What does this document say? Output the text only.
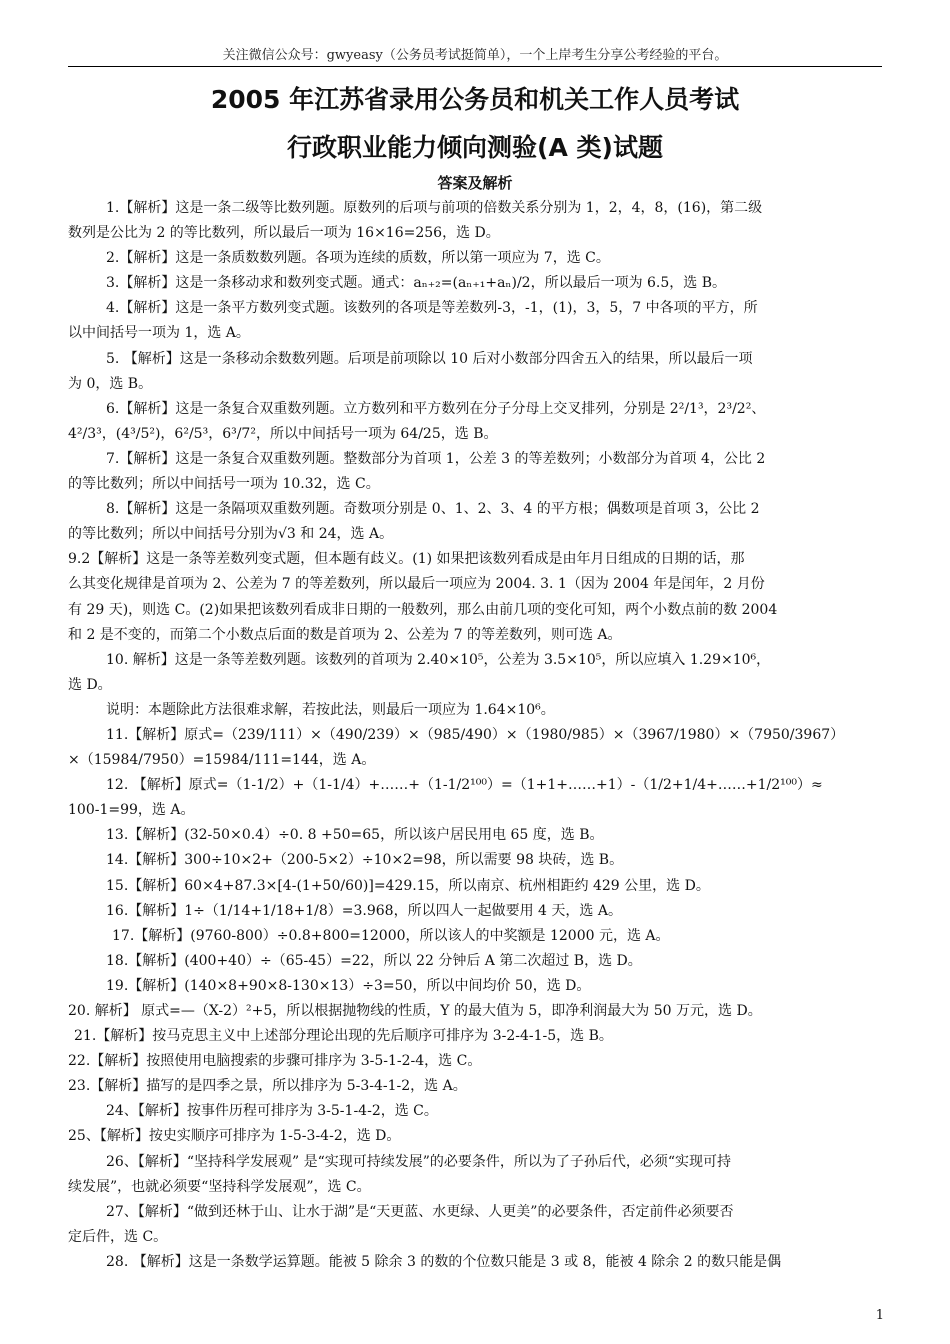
关注微信公众号：gwyeasy（公务员考试挺简单），一个上岸考生分享公考经验的平台。
2005 年江苏省录用公务员和机关工作人员考试
行政职业能力倾向测验(A 类)试题
答案及解析
1.【解析】这是一条二级等比数列题。原数列的后项与前项的倍数关系分别为 1，2，4，8，(16)，第二级
数列是公比为 2 的等比数列，所以最后一项为 16×16=256，选 D。
2.【解析】这是一条质数数列题。各项为连续的质数，所以第一项应为 7，选 C。
3.【解析】这是一条移动求和数列变式题。通式：aₙ₊₂=(aₙ₊₁+aₙ)/2，所以最后一项为 6.5，选 B。
4.【解析】这是一条平方数列变式题。该数列的各项是等差数列-3，-1，(1)，3，5，7 中各项的平方，所
以中间括号一项为 1，选 A。
5. 【解析】这是一条移动余数数列题。后项是前项除以 10 后对小数部分四舍五入的结果，所以最后一项
为 0，选 B。
6.【解析】这是一条复合双重数列题。立方数列和平方数列在分子分母上交叉排列，分别是 2²/1³，2³/2²、
4²/3³，(4³/5²)，6²/5³，6³/7²，所以中间括号一项为 64/25，选 B。
7.【解析】这是一条复合双重数列题。整数部分为首项 1，公差 3 的等差数列；小数部分为首项 4，公比 2
的等比数列；所以中间括号一项为 10.32，选 C。
8.【解析】这是一条隔项双重数列题。奇数项分别是 0、1、2、3、4 的平方根；偶数项是首项 3，公比 2
的等比数列；所以中间括号分别为√3 和 24，选 A。
9.2【解析】这是一条等差数列变式题，但本题有歧义。(1) 如果把该数列看成是由年月日组成的日期的话，那
么其变化规律是首项为 2、公差为 7 的等差数列，所以最后一项应为 2004. 3. 1（因为 2004 年是闰年，2 月份
有 29 天)，则选 C。(2)如果把该数列看成非日期的一般数列，那么由前几项的变化可知，两个小数点前的数 2004
和 2 是不变的，而第二个小数点后面的数是首项为 2、公差为 7 的等差数列，则可选 A。
10. 解析】这是一条等差数列题。该数列的首项为 2.40×10⁵，公差为 3.5×10⁵，所以应填入 1.29×10⁶，
选 D。
说明：本题除此方法很难求解，若按此法，则最后一项应为 1.64×10⁶。
11.【解析】原式=（239/111）×（490/239）×（985/490）×（1980/985）×（3967/1980）×（7950/3967）
×（15984/7950）=15984/111=144，选 A。
12. 【解析】原式=（1-1/2）+（1-1/4）+……+（1-1/2¹⁰⁰）=（1+1+……+1）-（1/2+1/4+……+1/2¹⁰⁰）≈
100-1=99，选 A。
13.【解析】(32-50×0.4）÷0. 8 +50=65，所以该户居民用电 65 度，选 B。
14.【解析】300÷10×2+（200-5×2）÷10×2=98，所以需要 98 块砖，选 B。
15.【解析】60×4+87.3×[4-(1+50/60)]=429.15，所以南京、杭州相距约 429 公里，选 D。
16.【解析】1÷（1/14+1/18+1/8）=3.968，所以四人一起做要用 4 天，选 A。
17.【解析】(9760-800）÷0.8+800=12000，所以该人的中奖额是 12000 元，选 A。
18.【解析】(400+40）÷（65-45）=22，所以 22 分钟后 A 第二次超过 B，选 D。
19.【解析】(140×8+90×8-130×13）÷3=50，所以中间均价 50，选 D。
20. 解析】 原式=—（X-2）²+5，所以根据抛物线的性质，Y 的最大值为 5，即净利润最大为 50 万元，选 D。
21.【解析】按马克思主义中上述部分理论出现的先后顺序可排序为 3-2-4-1-5，选 B。
22.【解析】按照使用电脑搜索的步骤可排序为 3-5-1-2-4，选 C。
23.【解析】描写的是四季之景，所以排序为 5-3-4-1-2，选 A。
24、【解析】按事件历程可排序为 3-5-1-4-2，选 C。
25、【解析】按史实顺序可排序为 1-5-3-4-2，选 D。
26、【解析】“坚持科学发展观” 是“实现可持续发展”的必要条件，所以为了子孙后代，必须“实现可持
续发展”，也就必须要“坚持科学发展观”，选 C。
27、【解析】“做到还林于山、让水于湖”是“天更蓝、水更绿、人更美”的必要条件，否定前件必须要否
定后件，选 C。
28. 【解析】这是一条数学运算题。能被 5 除余 3 的数的个位数只能是 3 或 8，能被 4 除余 2 的数只能是偶
1
